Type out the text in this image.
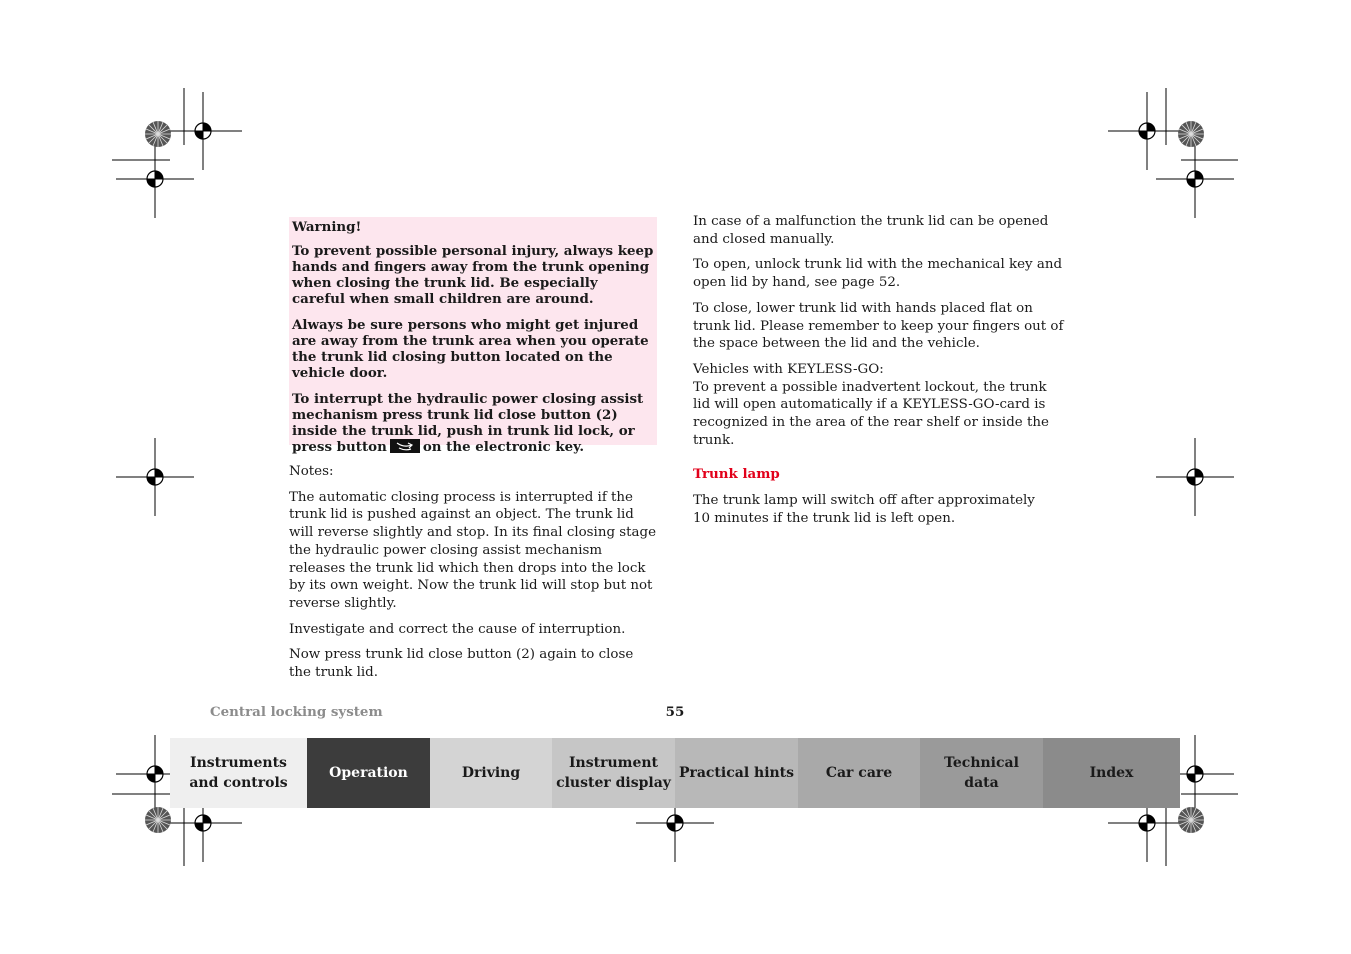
Warning!

To prevent possible personal injury, always keep hands and fingers away from the trunk opening when closing the trunk lid. Be especially careful when small children are around.

Always be sure persons who might get injured are away from the trunk area when you operate the trunk lid closing button located on the vehicle door.

To interrupt the hydraulic power closing assist mechanism press trunk lid close button (2) inside the trunk lid, push in trunk lid lock, or press button	on the electronic key.

Notes:

The automatic closing process is interrupted if the trunk lid is pushed against an object. The trunk lid will reverse slightly and stop. In its final closing stage the hydraulic power closing assist mechanism releases the trunk lid which then drops into the lock by its own weight. Now the trunk lid will stop but not reverse slightly.

Investigate and correct the cause of interruption.

Now press trunk lid close button (2) again to close the trunk lid.

In case of a malfunction the trunk lid can be opened and closed manually.

To open, unlock trunk lid with the mechanical key and open lid by hand, see page 52.

To close, lower trunk lid with hands placed flat on trunk lid. Please remember to keep your fingers out of the space between the lid and the vehicle.

Vehicles with KEYLESS-GO:
To prevent a possible inadvertent lockout, the trunk lid will open automatically if a KEYLESS-GO-card is recognized in the area of the rear shelf or inside the trunk.

Trunk lamp

The trunk lamp will switch off after approximately
10 minutes if the trunk lid is left open.

Central locking system	55
Instruments
and controls
Operation	Driving
Instrument
cluster display
Practical hints	Car care
Technical
data
Index
